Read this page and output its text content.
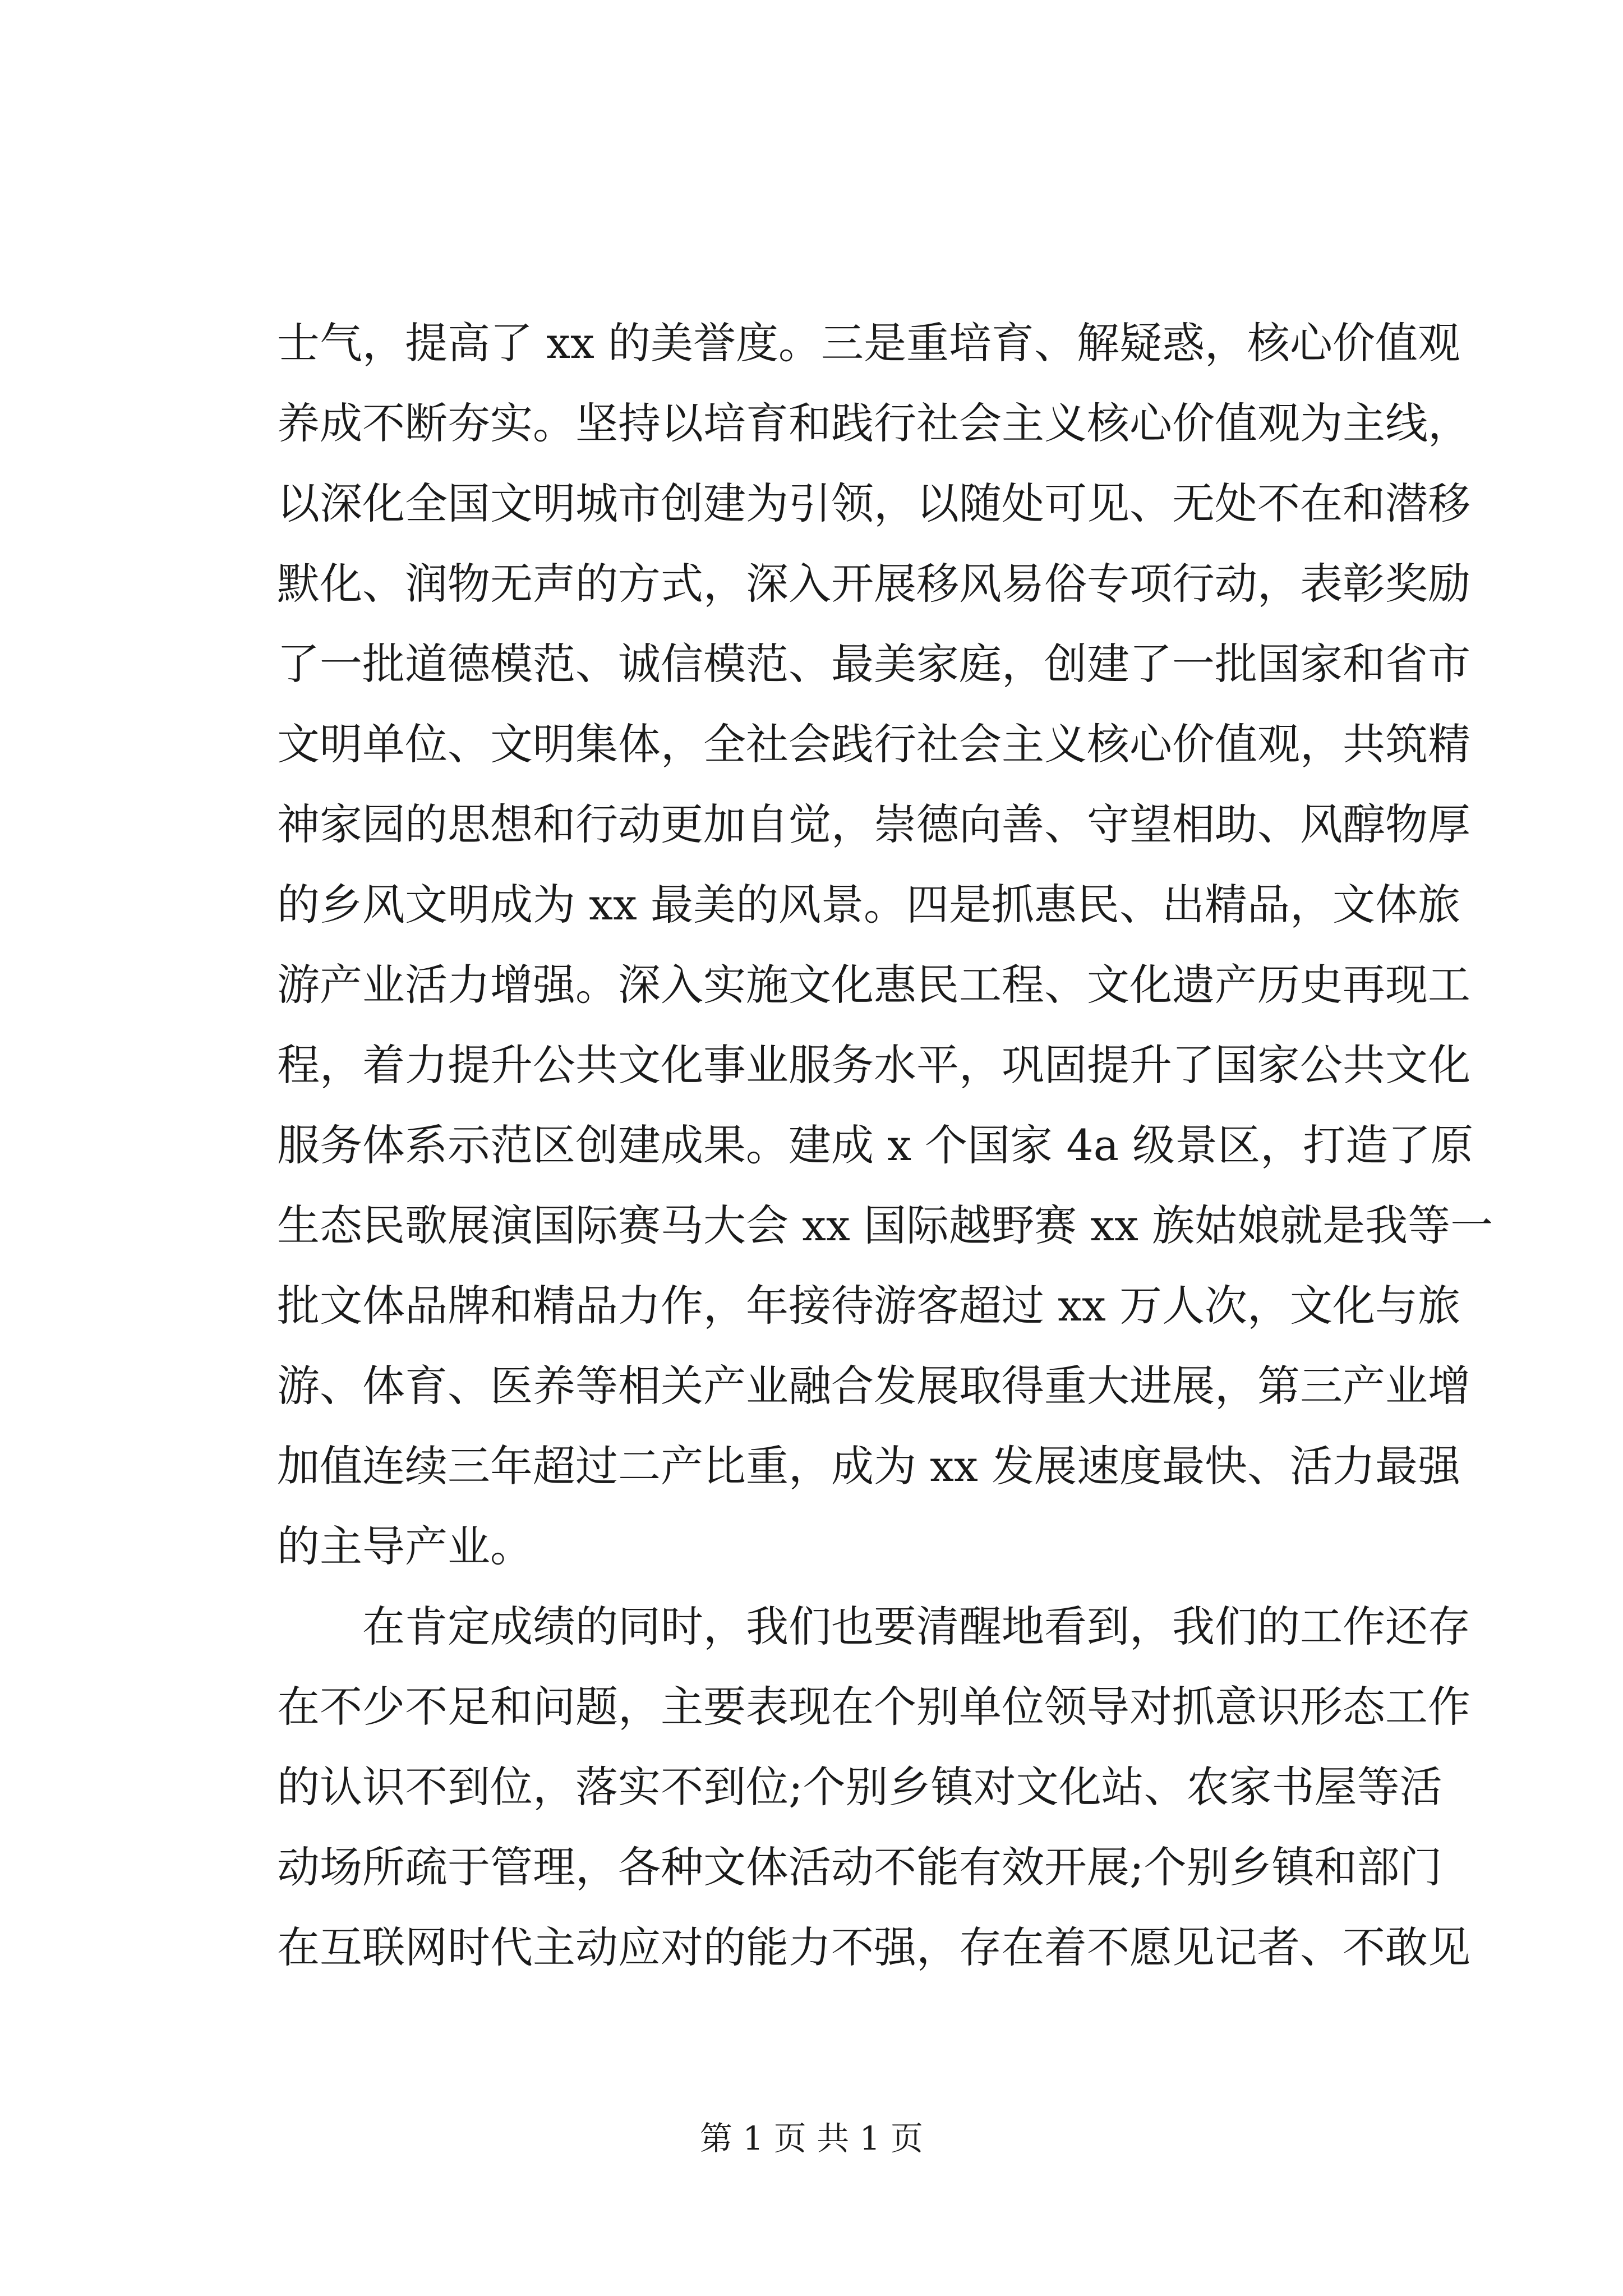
士气，提高了 xx 的美誉度。三是重培育、解疑惑，核心价值观
养成不断夯实。坚持以培育和践行社会主义核心价值观为主线，
以深化全国文明城市创建为引领，以随处可见、无处不在和潜移
默化、润物无声的方式，深入开展移风易俗专项行动，表彰奖励
了一批道德模范、诚信模范、最美家庭，创建了一批国家和省市
文明单位、文明集体，全社会践行社会主义核心价值观，共筑精
神家园的思想和行动更加自觉，崇德向善、守望相助、风醇物厚
的乡风文明成为 xx 最美的风景。四是抓惠民、出精品，文体旅
游产业活力增强。深入实施文化惠民工程、文化遗产历史再现工
程，着力提升公共文化事业服务水平，巩固提升了国家公共文化
服务体系示范区创建成果。建成 x 个国家 4a 级景区，打造了原
生态民歌展演国际赛马大会 xx 国际越野赛 xx 族姑娘就是我等一
批文体品牌和精品力作，年接待游客超过 xx 万人次，文化与旅
游、体育、医养等相关产业融合发展取得重大进展，第三产业增
加值连续三年超过二产比重，成为 xx 发展速度最快、活力最强
的主导产业。
在肯定成绩的同时，我们也要清醒地看到，我们的工作还存
在不少不足和问题，主要表现在个别单位领导对抓意识形态工作
的认识不到位，落实不到位;个别乡镇对文化站、农家书屋等活
动场所疏于管理，各种文体活动不能有效开展;个别乡镇和部门
在互联网时代主动应对的能力不强，存在着不愿见记者、不敢见
第 1 页 共 1 页
